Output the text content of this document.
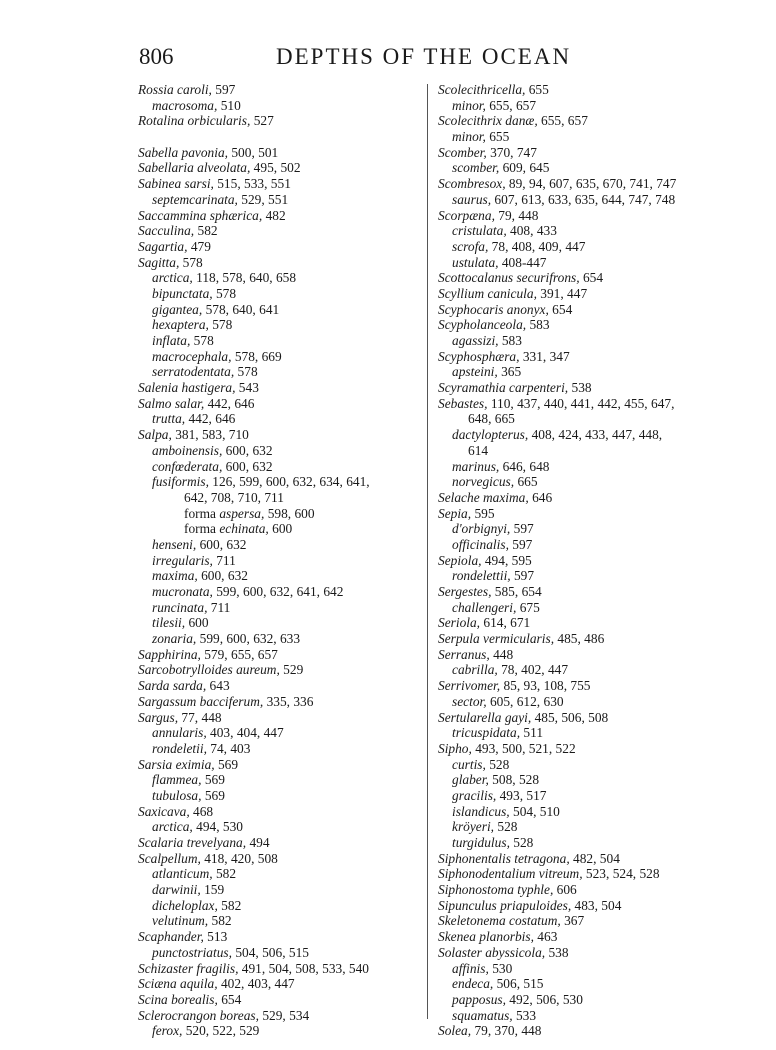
806	DEPTHS OF THE OCEAN
Rossia caroli, 597
macrosoma, 510
Rotalina orbicularis, 527
Sabella pavonia, 500, 501
Sabellaria alveolata, 495, 502
Sabinea sarsi, 515, 533, 551
septemcarinata, 529, 551
Saccammina sphærica, 482
Sacculina, 582
Sagartia, 479
Sagitta, 578
arctica, 118, 578, 640, 658
bipunctata, 578
gigantea, 578, 640, 641
hexaptera, 578
inflata, 578
macrocephala, 578, 669
serratodentata, 578
Salenia hastigera, 543
Salmo salar, 442, 646
trutta, 442, 646
Salpa, 381, 583, 710
amboinensis, 600, 632
confœderata, 600, 632
fusiformis, 126, 599, 600, 632, 634, 641,
642, 708, 710, 711
forma aspersa, 598, 600
forma echinata, 600
henseni, 600, 632
irregularis, 711
maxima, 600, 632
mucronata, 599, 600, 632, 641, 642
runcinata, 711
tilesii, 600
zonaria, 599, 600, 632, 633
Sapphirina, 579, 655, 657
Sarcobotrylloides aureum, 529
Sarda sarda, 643
Sargassum bacciferum, 335, 336
Sargus, 77, 448
annularis, 403, 404, 447
rondeletii, 74, 403
Sarsia eximia, 569
flammea, 569
tubulosa, 569
Saxicava, 468
arctica, 494, 530
Scalaria trevelyana, 494
Scalpellum, 418, 420, 508
atlanticum, 582
darwinii, 159
dicheloplax, 582
velutinum, 582
Scaphander, 513
punctostriatus, 504, 506, 515
Schizaster fragilis, 491, 504, 508, 533, 540
Sciæna aquila, 402, 403, 447
Scina borealis, 654
Sclerocrangon boreas, 529, 534
ferox, 520, 522, 529
Scolecithricella, 655
minor, 655, 657
Scolecithrix danæ, 655, 657
minor, 655
Scomber, 370, 747
scomber, 609, 645
Scombresox, 89, 94, 607, 635, 670, 741, 747
saurus, 607, 613, 633, 635, 644, 747, 748
Scorpæna, 79, 448
cristulata, 408, 433
scrofa, 78, 408, 409, 447
ustulata, 408-447
Scottocalanus securifrons, 654
Scyllium canicula, 391, 447
Scyphocaris anonyx, 654
Scypholanceola, 583
agassizi, 583
Scyphosphæra, 331, 347
apsteini, 365
Scyramathia carpenteri, 538
Sebastes, 110, 437, 440, 441, 442, 455, 647,
648, 665
dactylopterus, 408, 424, 433, 447, 448,
614
marinus, 646, 648
norvegicus, 665
Selache maxima, 646
Sepia, 595
d'orbignyi, 597
officinalis, 597
Sepiola, 494, 595
rondelettii, 597
Sergestes, 585, 654
challengeri, 675
Seriola, 614, 671
Serpula vermicularis, 485, 486
Serranus, 448
cabrilla, 78, 402, 447
Serrivomer, 85, 93, 108, 755
sector, 605, 612, 630
Sertularella gayi, 485, 506, 508
tricuspidata, 511
Sipho, 493, 500, 521, 522
curtis, 528
glaber, 508, 528
gracilis, 493, 517
islandicus, 504, 510
kröyeri, 528
turgidulus, 528
Siphonentalis tetragona, 482, 504
Siphonodentalium vitreum, 523, 524, 528
Siphonostoma typhle, 606
Sipunculus priapuloides, 483, 504
Skeletonema costatum, 367
Skenea planorbis, 463
Solaster abyssicola, 538
affinis, 530
endeca, 506, 515
papposus, 492, 506, 530
squamatus, 533
Solea, 79, 370, 448
